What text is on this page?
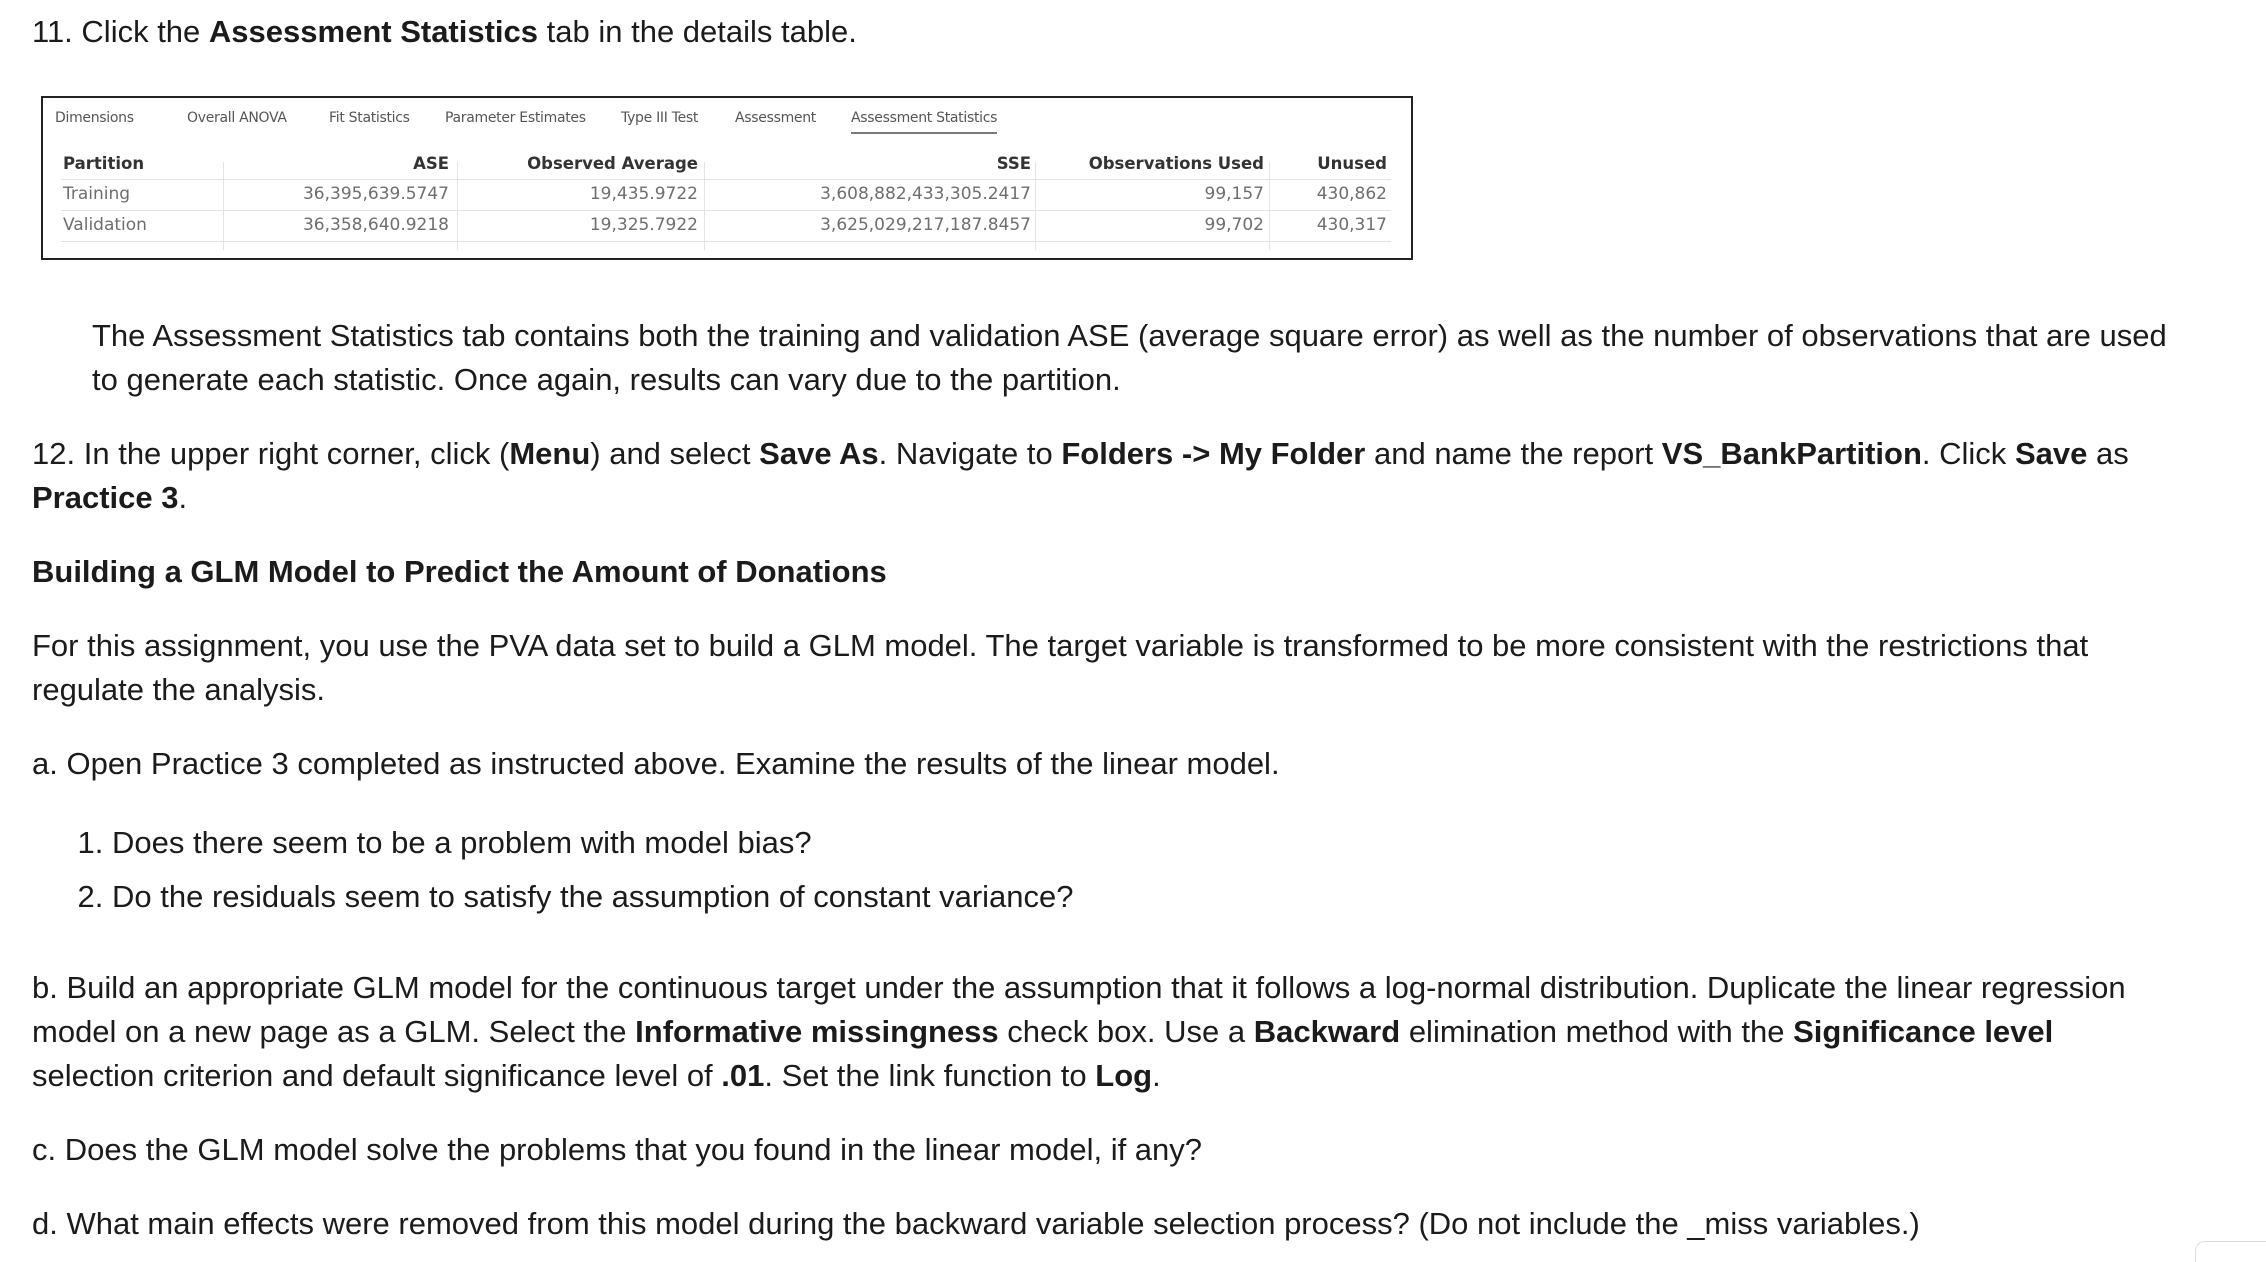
11. Click the Assessment Statistics tab in the details table.

Dimensions	Overall ANOVA	Fit Statistics	Parameter Estimates	Type III Test	Assessment	Assessment Statistics
Partition	ASE	Observed Average	SSE	Observations Used	Unused
Training	36,395,639.5747	19,435.9722	3,608,882,433,305.2417	99,157	430,862
Validation	36,358,640.9218	19,325.7922	3,625,029,217,187.8457	99,702	430,317

The Assessment Statistics tab contains both the training and validation ASE (average square error) as well as the number of observations that are used

to generate each statistic. Once again, results can vary due to the partition.

12. In the upper right corner, click (Menu) and select Save As. Navigate to Folders -> My Folder and name the report VS_BankPartition. Click Save as

Practice 3.

Building a GLM Model to Predict the Amount of Donations

For this assignment, you use the PVA data set to build a GLM model. The target variable is transformed to be more consistent with the restrictions that

regulate the analysis.

a. Open Practice 3 completed as instructed above. Examine the results of the linear model.

1. Does there seem to be a problem with model bias?
2. Do the residuals seem to satisfy the assumption of constant variance?

b. Build an appropriate GLM model for the continuous target under the assumption that it follows a log-normal distribution. Duplicate the linear regression

model on a new page as a GLM. Select the Informative missingness check box. Use a Backward elimination method with the Significance level

selection criterion and default significance level of .01. Set the link function to Log.

c. Does the GLM model solve the problems that you found in the linear model, if any?

d. What main effects were removed from this model during the backward variable selection process? (Do not include the _miss variables.)
